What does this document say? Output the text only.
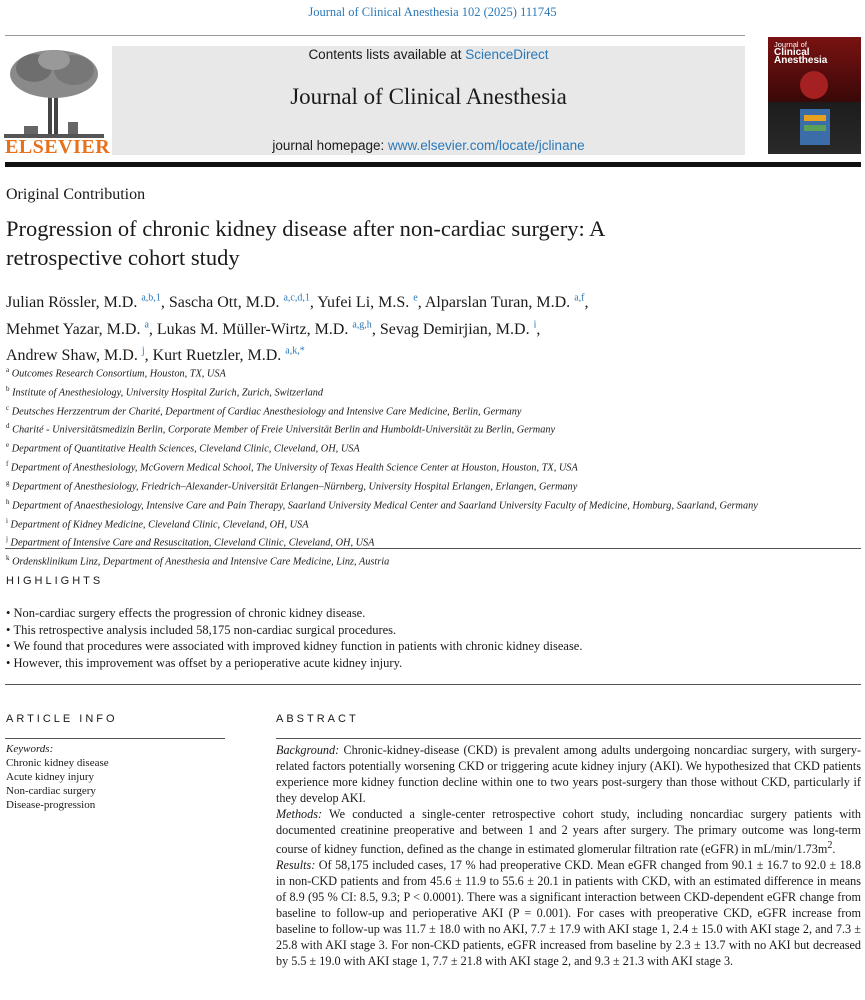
Journal of Clinical Anesthesia 102 (2025) 111745
ELSEVIER
Contents lists available at ScienceDirect
Journal of Clinical Anesthesia
journal homepage: www.elsevier.com/locate/jclinane
Journal of
Clinical Anesthesia
Original Contribution
Progression of chronic kidney disease after non-cardiac surgery: A retrospective cohort study
Julian Rössler, M.D. $^{a,b,1}$, Sascha Ott, M.D. $^{a,c,d,1}$, Yufei Li, M.S. $^e$, Alparslan Turan, M.D. $^{a,f}$,
Mehmet Yazar, M.D. $^a$, Lukas M. Müller-Wirtz, M.D. $^{a,g,h}$, Sevag Demirjian, M.D. $^i$,
Andrew Shaw, M.D. $^j$, Kurt Ruetzler, M.D. $^{a,k,*}$
$^a$ Outcomes Research Consortium, Houston, TX, USA
$^b$ Institute of Anesthesiology, University Hospital Zurich, Zurich, Switzerland
$^c$ Deutsches Herzzentrum der Charité, Department of Cardiac Anesthesiology and Intensive Care Medicine, Berlin, Germany
$^d$ Charité - Universitätsmedizin Berlin, Corporate Member of Freie Universität Berlin and Humboldt-Universität zu Berlin, Germany
$^e$ Department of Quantitative Health Sciences, Cleveland Clinic, Cleveland, OH, USA
$^f$ Department of Anesthesiology, McGovern Medical School, The University of Texas Health Science Center at Houston, Houston, TX, USA
$^g$ Department of Anesthesiology, Friedrich–Alexander-Universität Erlangen–Nürnberg, University Hospital Erlangen, Erlangen, Germany
$^h$ Department of Anaesthesiology, Intensive Care and Pain Therapy, Saarland University Medical Center and Saarland University Faculty of Medicine, Homburg, Saarland, Germany
$^i$ Department of Kidney Medicine, Cleveland Clinic, Cleveland, OH, USA
$^j$ Department of Intensive Care and Resuscitation, Cleveland Clinic, Cleveland, OH, USA
$^k$ Ordensklinikum Linz, Department of Anesthesia and Intensive Care Medicine, Linz, Austria
HIGHLIGHTS
• Non-cardiac surgery effects the progression of chronic kidney disease.
• This retrospective analysis included 58,175 non-cardiac surgical procedures.
• We found that procedures were associated with improved kidney function in patients with chronic kidney disease.
• However, this improvement was offset by a perioperative acute kidney injury.
ARTICLE INFO
Keywords:
Chronic kidney disease
Acute kidney injury
Non-cardiac surgery
Disease-progression
ABSTRACT

Background: Chronic-kidney-disease (CKD) is prevalent among adults undergoing noncardiac surgery, with surgery-related factors potentially worsening CKD or triggering acute kidney injury (AKI). We hypothesized that CKD patients experience more kidney function decline within one to two years post-surgery than those without CKD, particularly if they develop AKI.

Methods: We conducted a single-center retrospective cohort study, including noncardiac surgery patients with documented creatinine preoperative and between 1 and 2 years after surgery. The primary outcome was long-term course of kidney function, defined as the change in estimated glomerular filtration rate (eGFR) in $mL/\min/1.73m^2$.

Results: Of 58,175 included cases, 17 % had preoperative CKD. Mean eGFR changed from 90.1 ± 16.7 to 92.0 ± 18.8 in non-CKD patients and from 45.6 ± 11.9 to 55.6 ± 20.1 in patients with CKD, with an estimated difference in means of 8.9 (95 % CI: 8.5, 9.3; P < 0.0001). There was a significant interaction between CKD-dependent eGFR change from baseline to follow-up and perioperative AKI (P = 0.001). For cases with preoperative CKD, eGFR increase from baseline to follow-up was 11.7 ± 18.0 with no AKI, 7.7 ± 17.9 with AKI stage 1, 2.4 ± 15.0 with AKI stage 2, and 7.3 ± 25.8 with AKI stage 3. For non-CKD patients, eGFR increased from baseline by 2.3 ± 13.7 with no AKI but decreased by 5.5 ± 19.0 with AKI stage 1, 7.7 ± 21.8 with AKI stage 2, and 9.3 ± 21.3 with AKI stage 3.
